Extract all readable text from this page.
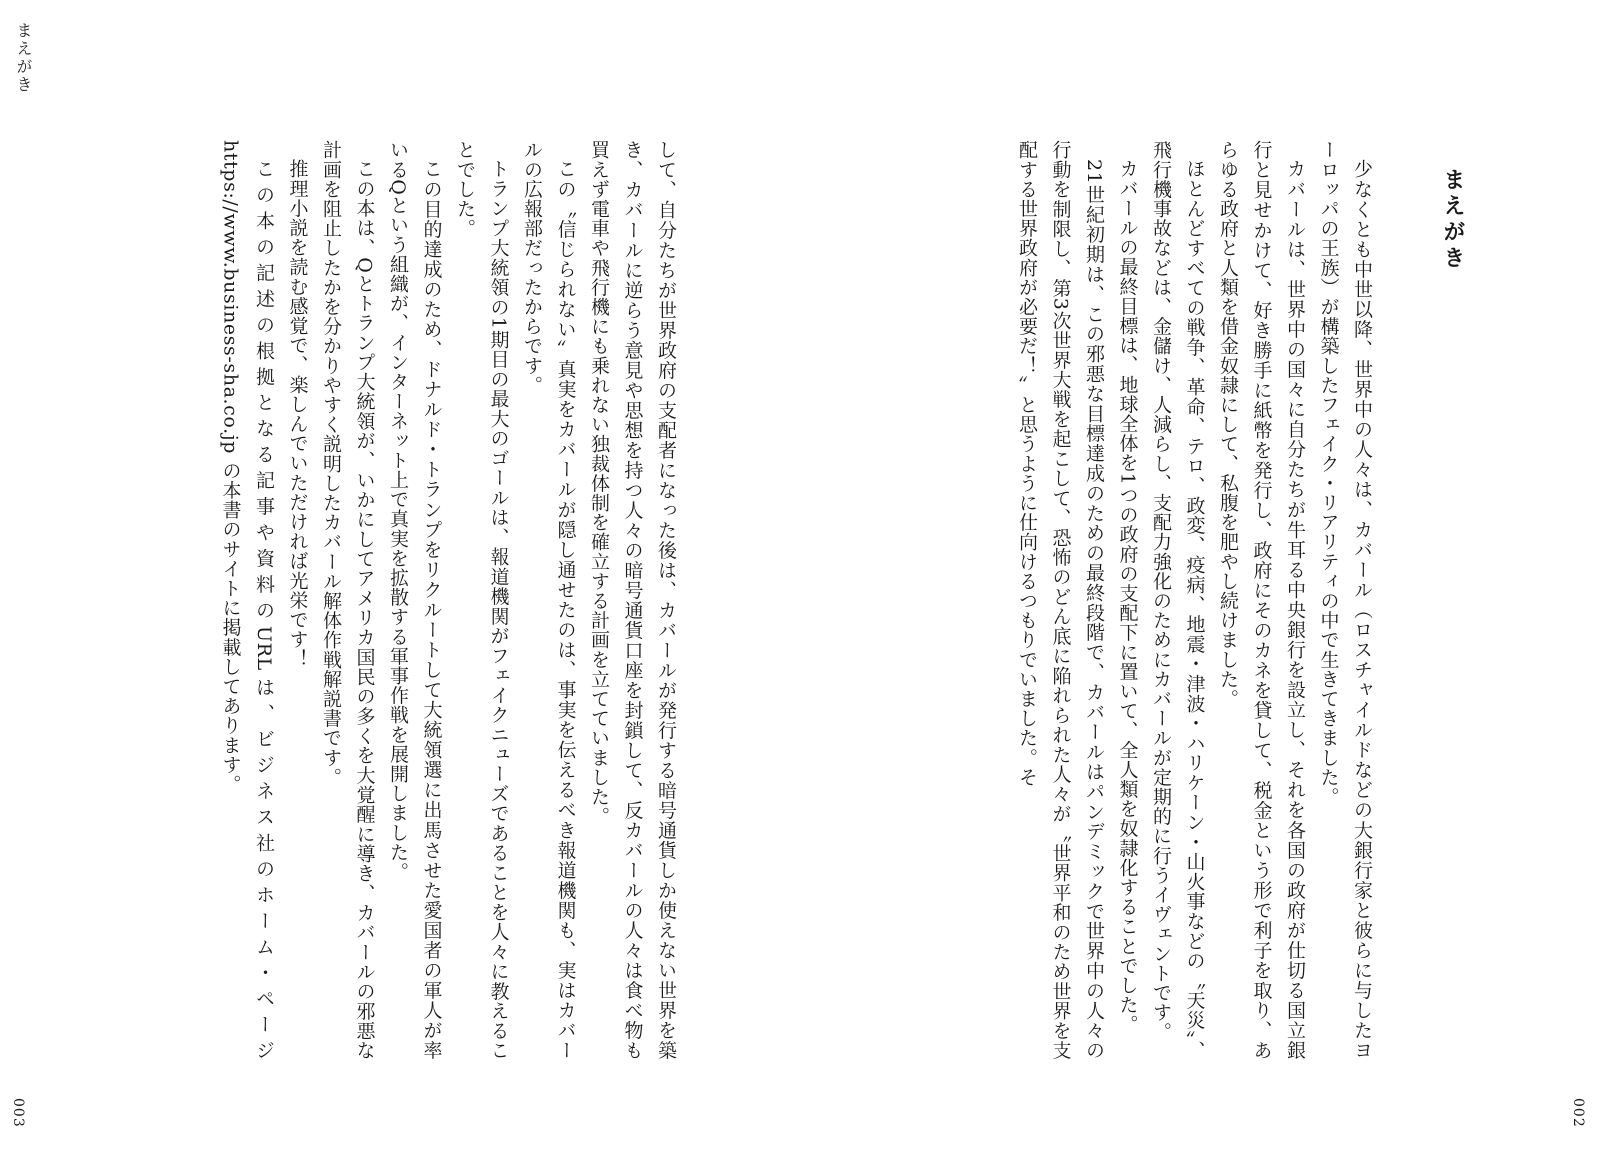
まえがき

して、自分たちが世界政府の支配者になった後は、カバールが発行する暗号通貨しか使えない世界を築き、カバールに逆らう意見や思想を持つ人々の暗号通貨口座を封鎖して、反カバールの人々は食べ物も買えず電車や飛行機にも乗れない独裁体制を確立する計画を立てていました。

この〝信じられない〟真実をカバールが隠し通せたのは、事実を伝えるべき報道機関も、実はカバールの広報部だったからです。

トランプ大統領の1期目の最大のゴールは、報道機関がフェイクニューズであることを人々に教えることでした。

この目的達成のため、ドナルド・トランプをリクルートして大統領選に出馬させた愛国者の軍人が率いるQという組織が、インターネット上で真実を拡散する軍事作戦を展開しました。

この本は、Qとトランプ大統領が、いかにしてアメリカ国民の多くを大覚醒に導き、カバールの邪悪な計画を阻止したかを分かりやすく説明したカバール解体作戦解説書です。

推理小説を読む感覚で、楽しんでいただければ光栄です！

この本の記述の根拠となる記事や資料のURLは、ビジネス社のホーム・ページ https://www.business-sha.co.jp の本書のサイトに掲載してあります。

003
まえがき

少なくとも中世以降、世界中の人々は、カバール（ロスチャイルドなどの大銀行家と彼らに与したヨーロッパの王族）が構築したフェイク・リアリティの中で生きてきました。

カバールは、世界中の国々に自分たちが牛耳る中央銀行を設立し、それを各国の政府が仕切る国立銀行と見せかけて、好き勝手に紙幣を発行し、政府にそのカネを貸して、税金という形で利子を取り、あらゆる政府と人類を借金奴隷にして、私腹を肥やし続けました。

ほとんどすべての戦争、革命、テロ、政変、疫病、地震・津波・ハリケーン・山火事などの〝天災〟、飛行機事故などは、金儲け、人減らし、支配力強化のためにカバールが定期的に行うイヴェントです。

カバールの最終目標は、地球全体を1つの政府の支配下に置いて、全人類を奴隷化することでした。

21世紀初期は、この邪悪な目標達成のための最終段階で、カバールはパンデミックで世界中の人々の行動を制限し、第3次世界大戦を起こして、恐怖のどん底に陥れられた人々が〝世界平和のため世界を支配する世界政府が必要だ！〟と思うように仕向けるつもりでいました。そ

002
